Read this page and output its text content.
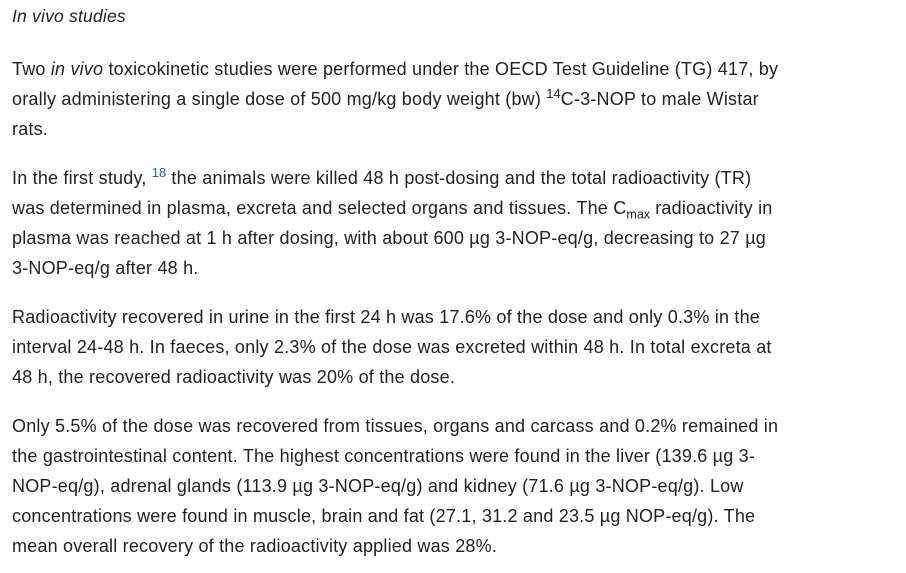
In vivo studies

Two in vivo toxicokinetic studies were performed under the OECD Test Guideline (TG) 417, by
orally administering a single dose of 500 mg/kg body weight (bw) $^{14}$C-3-NOP to male Wistar
rats.

In the first study, $^{18}$ the animals were killed 48 h post-dosing and the total radioactivity (TR)
was determined in plasma, excreta and selected organs and tissues. The $C_{max}$ radioactivity in
plasma was reached at 1 h after dosing, with about 600 µg 3-NOP-eq/g, decreasing to 27 µg
3-NOP-eq/g after 48 h.

Radioactivity recovered in urine in the first 24 h was 17.6% of the dose and only 0.3% in the
interval 24-48 h. In faeces, only 2.3% of the dose was excreted within 48 h. In total excreta at
48 h, the recovered radioactivity was 20% of the dose.

Only 5.5% of the dose was recovered from tissues, organs and carcass and 0.2% remained in
the gastrointestinal content. The highest concentrations were found in the liver (139.6 µg 3-
NOP-eq/g), adrenal glands (113.9 µg 3-NOP-eq/g) and kidney (71.6 µg 3-NOP-eq/g). Low
concentrations were found in muscle, brain and fat (27.1, 31.2 and 23.5 µg NOP-eq/g). The
mean overall recovery of the radioactivity applied was 28%.
